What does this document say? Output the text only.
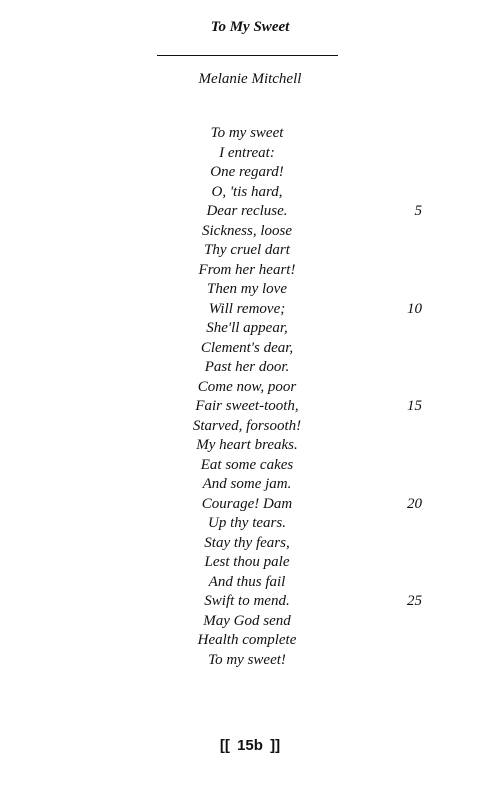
To My Sweet
Melanie Mitchell
To my sweet
I entreat:
One regard!
O, 'tis hard,
Dear recluse.	5
Sickness, loose
Thy cruel dart
From her heart!
Then my love
Will remove;	10
She'll appear,
Clement's dear,
Past her door.
Come now, poor
Fair sweet-tooth,	15
Starved, forsooth!
My heart breaks.
Eat some cakes
And some jam.
Courage! Dam	20
Up thy tears.
Stay thy fears,
Lest thou pale
And thus fail
Swift to mend.	25
May God send
Health complete
To my sweet!
[[ 15b ]]
